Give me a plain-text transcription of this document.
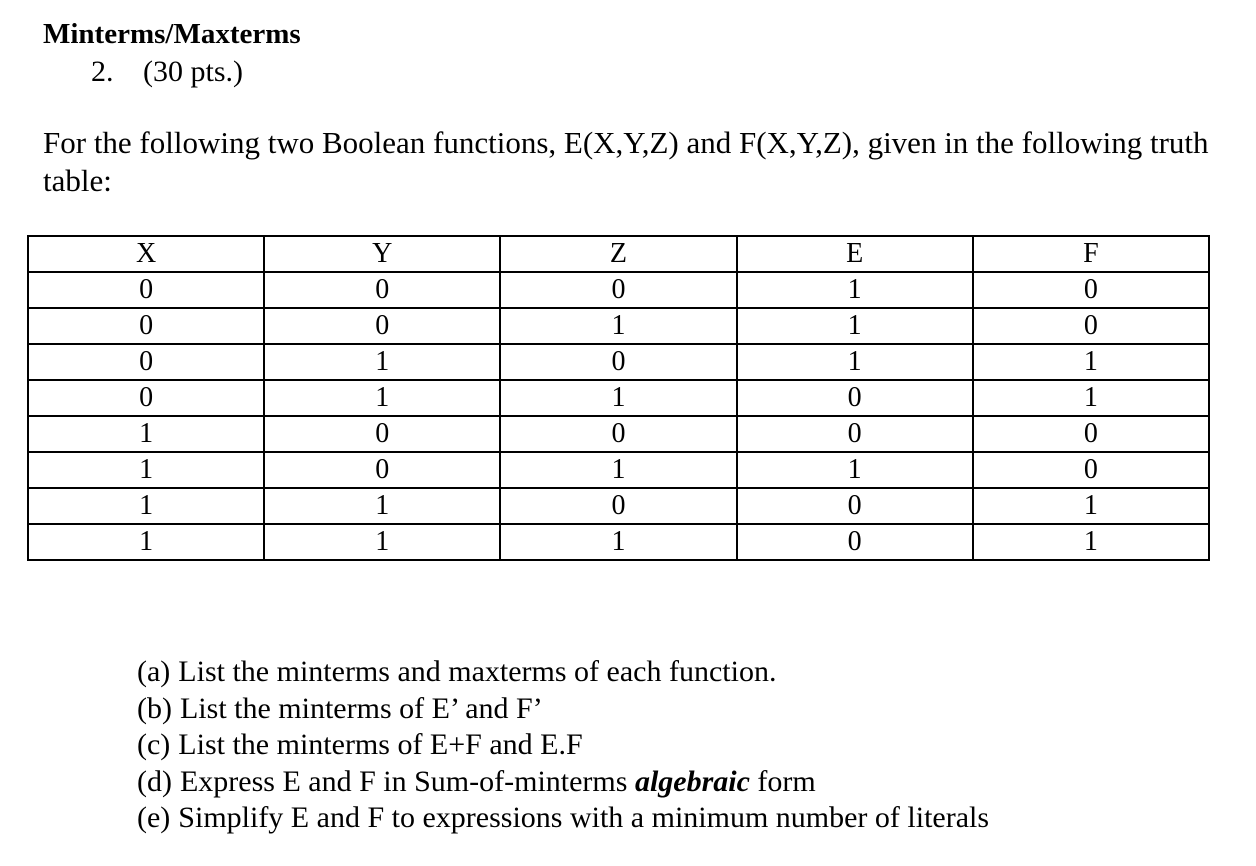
Minterms/Maxterms
2. (30 pts.)
For the following two Boolean functions, E(X,Y,Z) and F(X,Y,Z), given in the following truth table:
X	Y	Z	E	F
0	0	0	1	0
0	0	1	1	0
0	1	0	1	1
0	1	1	0	1
1	0	0	0	0
1	0	1	1	0
1	1	0	0	1
1	1	1	0	1
(a) List the minterms and maxterms of each function.
(b) List the minterms of E’ and F’
(c) List the minterms of E+F and E.F
(d) Express E and F in Sum-of-minterms algebraic form
(e) Simplify E and F to expressions with a minimum number of literals
